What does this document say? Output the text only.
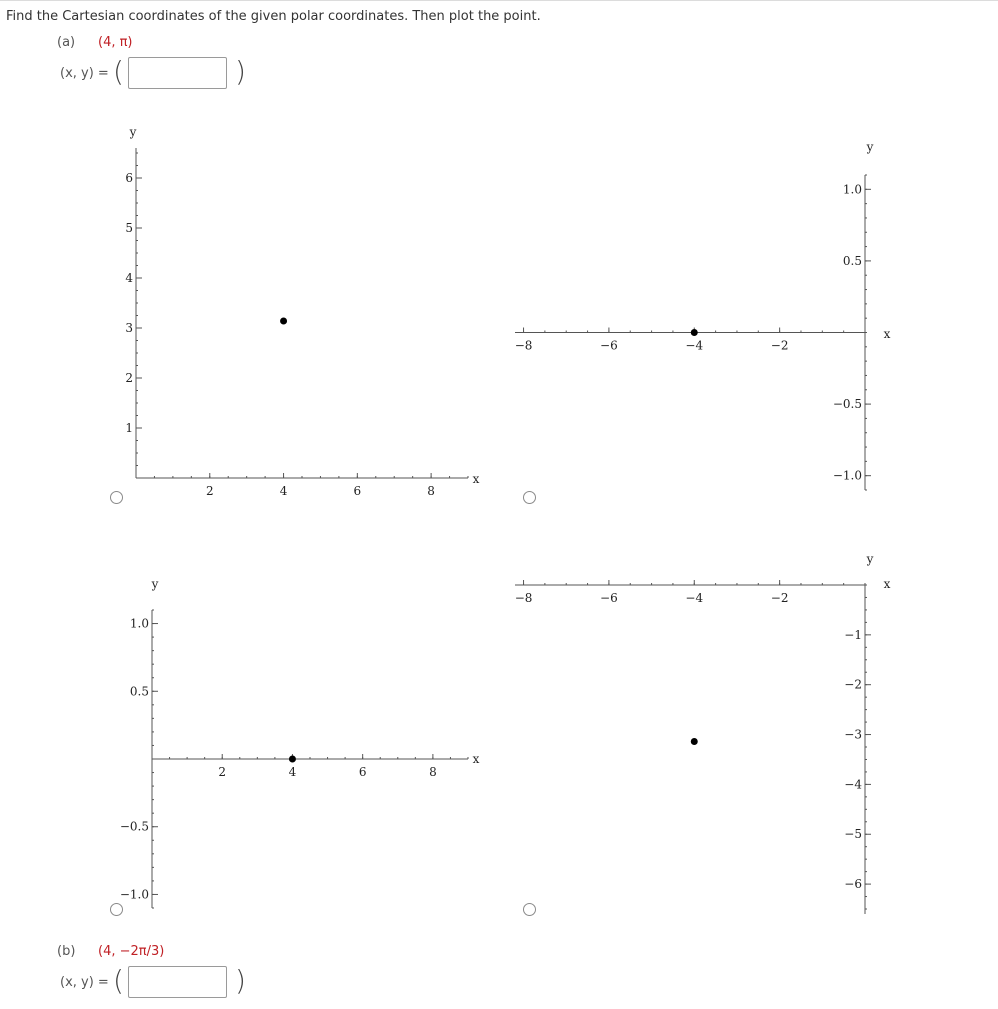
Find the Cartesian coordinates of the given polar coordinates. Then plot the point.
(a) (4, π)
(x, y) = (	)
2	4	6	8
1
2
3
4
5
6
y
x
−8	−6	−4	−2
1.0
0.5
−0.5
−1.0
y
x
2	4	6	8
1.0
0.5
−0.5
−1.0
y
x
−8	−6	−4	−2
−1
−2
−3
−4
−5
−6
y
x
(b) (4, −2π/3)
(x, y) = (	)
